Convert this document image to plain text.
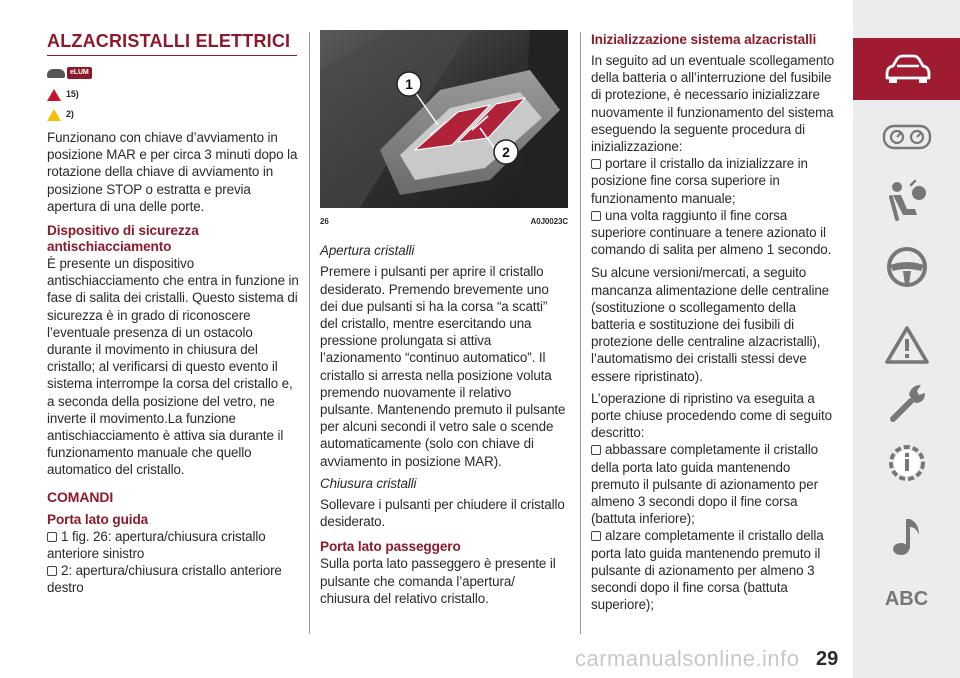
ALZACRISTALLI ELETTRICI
eLUM
15)
2)

Funzionano con chiave d’avviamento in posizione MAR e per circa 3 minuti dopo la rotazione della chiave di avviamento in posizione STOP o estratta e previa apertura di una delle porte.

Dispositivo di sicurezza antischiacciamento

È presente un dispositivo antischiacciamento che entra in funzione in fase di salita dei cristalli. Questo sistema di sicurezza è in grado di riconoscere l’eventuale presenza di un ostacolo durante il movimento in chiusura del cristallo; al verificarsi di questo evento il sistema interrompe la corsa del cristallo e, a seconda della posizione del vetro, ne inverte il movimento.La funzione antischiacciamento è attiva sia durante il funzionamento manuale che quello automatico del cristallo.

COMANDI
Porta lato guida
1 fig. 26: apertura/chiusura cristallo anteriore sinistro
2: apertura/chiusura cristallo anteriore destro
1
2
26	A0J0023C
Apertura cristalli

Premere i pulsanti per aprire il cristallo desiderato. Premendo brevemente uno dei due pulsanti si ha la corsa “a scatti” del cristallo, mentre esercitando una pressione prolungata si attiva l’azionamento “continuo automatico”. Il cristallo si arresta nella posizione voluta premendo nuovamente il relativo pulsante. Mantenendo premuto il pulsante per alcuni secondi il vetro sale o scende automaticamente (solo con chiave di avviamento in posizione MAR).

Chiusura cristalli

Sollevare i pulsanti per chiudere il cristallo desiderato.

Porta lato passeggero

Sulla porta lato passeggero è presente il pulsante che comanda l’apertura/ chiusura del relativo cristallo.

Inizializzazione sistema alzacristalli

In seguito ad un eventuale scollegamento della batteria o all’interruzione del fusibile di protezione, è necessario inizializzare nuovamente il funzionamento del sistema eseguendo la seguente procedura di inizializzazione:

portare il cristallo da inizializzare in posizione fine corsa superiore in funzionamento manuale;
una volta raggiunto il fine corsa superiore continuare a tenere azionato il comando di salita per almeno 1 secondo.

Su alcune versioni/mercati, a seguito mancanza alimentazione delle centraline (sostituzione o scollegamento della batteria e sostituzione dei fusibili di protezione delle centraline alzacristalli), l’automatismo dei cristalli stessi deve essere ripristinato).

L’operazione di ripristino va eseguita a porte chiuse procedendo come di seguito descritto:

abbassare completamente il cristallo della porta lato guida mantenendo premuto il pulsante di azionamento per almeno 3 secondi dopo il fine corsa (battuta inferiore);
alzare completamente il cristallo della porta lato guida mantenendo premuto il pulsante di azionamento per almeno 3 secondi dopo il fine corsa (battuta superiore);	ABC
carmanualsonline.info 29
